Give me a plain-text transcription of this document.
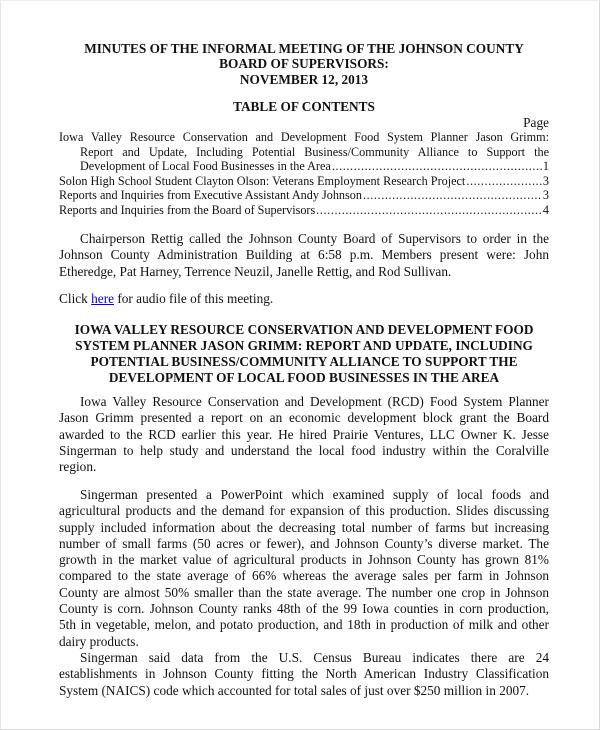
MINUTES OF THE INFORMAL MEETING OF THE JOHNSON COUNTY
BOARD OF SUPERVISORS:
NOVEMBER 12, 2013
TABLE OF CONTENTS
Page
Iowa Valley Resource Conservation and Development Food System Planner Jason Grimm:
Report and Update, Including Potential Business/Community Alliance to Support the
Development of Local Food Businesses in the Area .....	1
Solon High School Student Clayton Olson: Veterans Employment Research Project .....	3
Reports and Inquiries from Executive Assistant Andy Johnson .....	3
Reports and Inquiries from the Board of Supervisors .....	4
Chairperson Rettig called the Johnson County Board of Supervisors to order in the
Johnson County Administration Building at 6:58 p.m. Members present were: John
Etheredge, Pat Harney, Terrence Neuzil, Janelle Rettig, and Rod Sullivan.
Click here for audio file of this meeting.
IOWA VALLEY RESOURCE CONSERVATION AND DEVELOPMENT FOOD
SYSTEM PLANNER JASON GRIMM: REPORT AND UPDATE, INCLUDING
POTENTIAL BUSINESS/COMMUNITY ALLIANCE TO SUPPORT THE
DEVELOPMENT OF LOCAL FOOD BUSINESSES IN THE AREA
Iowa Valley Resource Conservation and Development (RCD) Food System Planner
Jason Grimm presented a report on an economic development block grant the Board
awarded to the RCD earlier this year. He hired Prairie Ventures, LLC Owner K. Jesse
Singerman to help study and understand the local food industry within the Coralville
region.
Singerman presented a PowerPoint which examined supply of local foods and
agricultural products and the demand for expansion of this production. Slides discussing
supply included information about the decreasing total number of farms but increasing
number of small farms (50 acres or fewer), and Johnson County’s diverse market. The
growth in the market value of agricultural products in Johnson County has grown 81%
compared to the state average of 66% whereas the average sales per farm in Johnson
County are almost 50% smaller than the state average. The number one crop in Johnson
County is corn. Johnson County ranks 48th of the 99 Iowa counties in corn production,
5th in vegetable, melon, and potato production, and 18th in production of milk and other
dairy products.
Singerman said data from the U.S. Census Bureau indicates there are 24
establishments in Johnson County fitting the North American Industry Classification
System (NAICS) code which accounted for total sales of just over $250 million in 2007.
